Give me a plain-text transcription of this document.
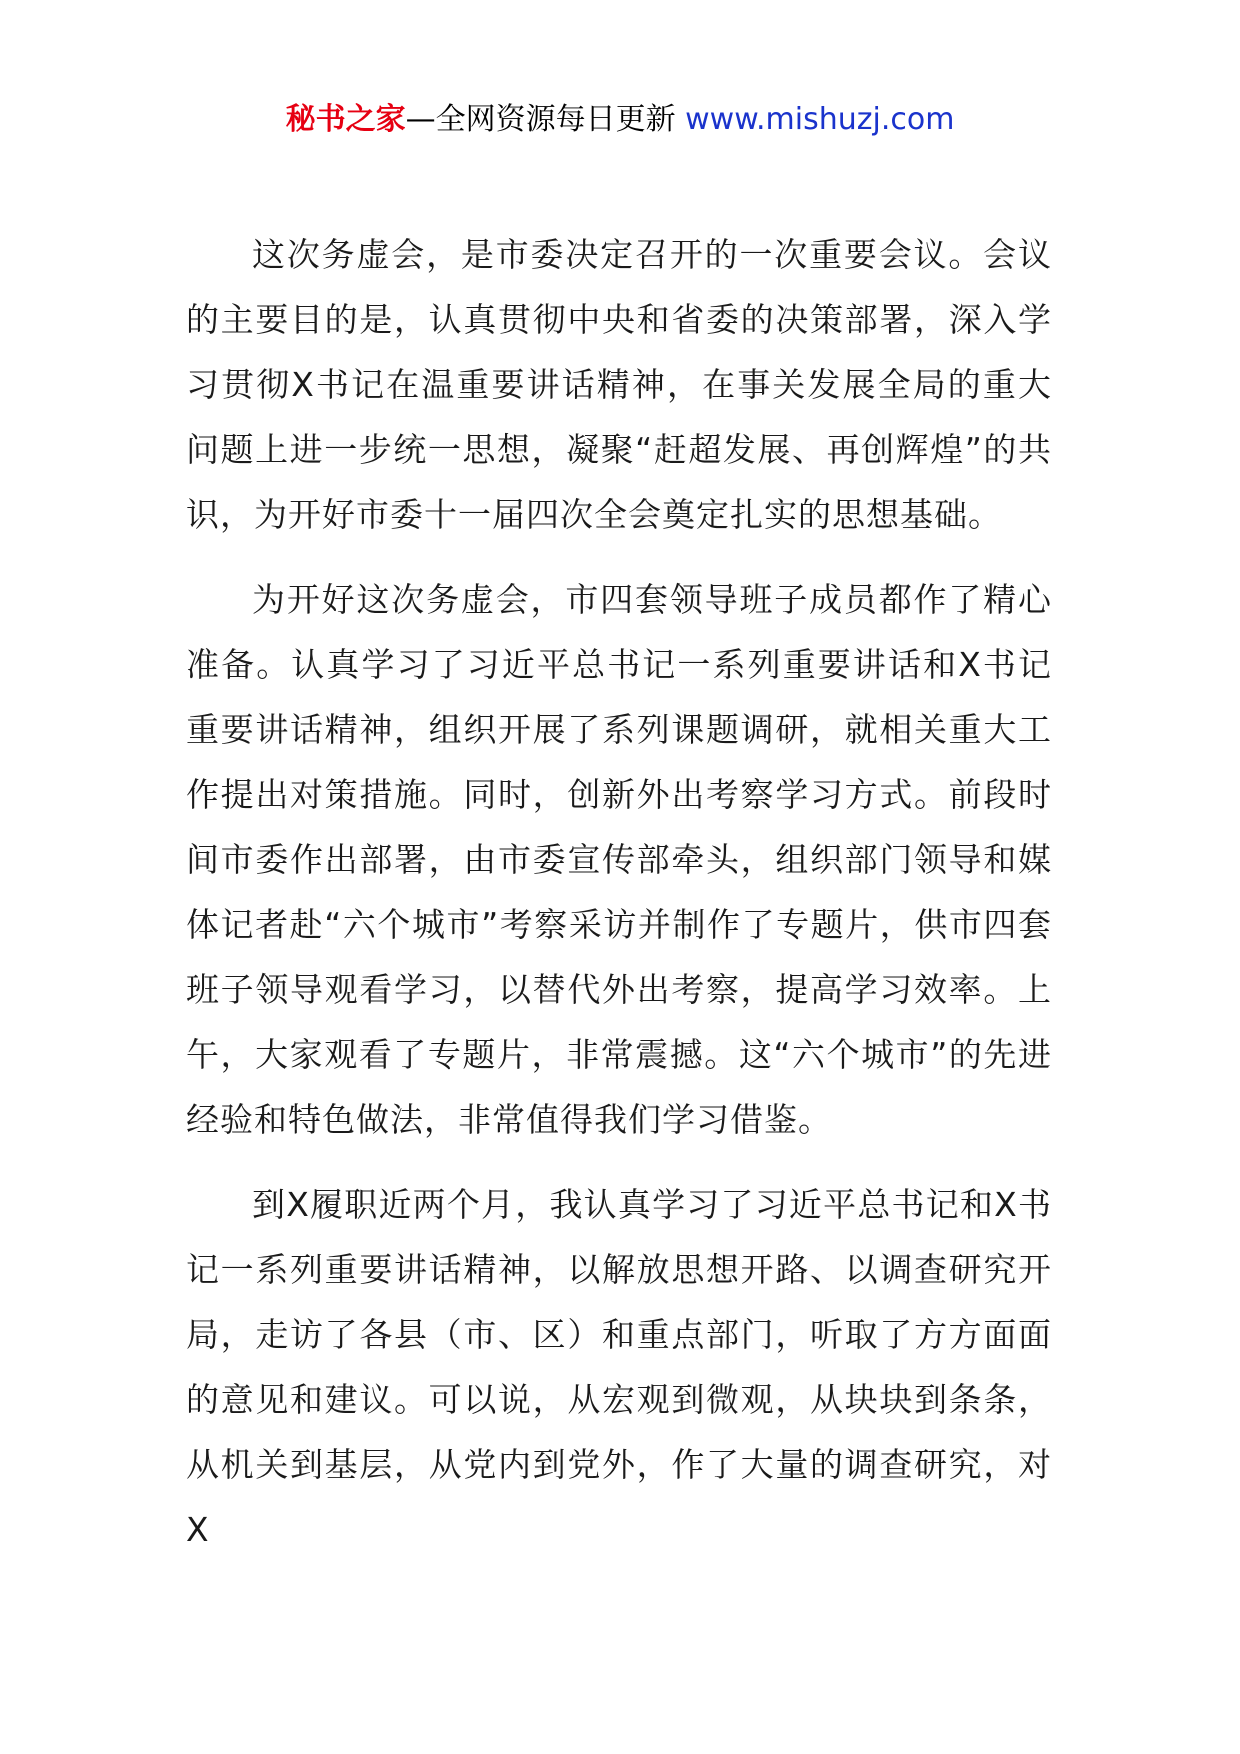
秘书之家—全网资源每日更新 www.mishuzj.com

这次务虚会，是市委决定召开的一次重要会议。会议的主要目的是，认真贯彻中央和省委的决策部署，深入学习贯彻X书记在温重要讲话精神，在事关发展全局的重大问题上进一步统一思想，凝聚“赶超发展、再创辉煌”的共识，为开好市委十一届四次全会奠定扎实的思想基础。

为开好这次务虚会，市四套领导班子成员都作了精心准备。认真学习了习近平总书记一系列重要讲话和X书记重要讲话精神，组织开展了系列课题调研，就相关重大工作提出对策措施。同时，创新外出考察学习方式。前段时间市委作出部署，由市委宣传部牵头，组织部门领导和媒体记者赴“六个城市”考察采访并制作了专题片，供市四套班子领导观看学习，以替代外出考察，提高学习效率。上午，大家观看了专题片，非常震撼。这“六个城市”的先进经验和特色做法，非常值得我们学习借鉴。

到X履职近两个月，我认真学习了习近平总书记和X书记一系列重要讲话精神，以解放思想开路、以调查研究开局，走访了各县（市、区）和重点部门，听取了方方面面的意见和建议。可以说，从宏观到微观，从块块到条条，从机关到基层，从党内到党外，作了大量的调查研究，对X
